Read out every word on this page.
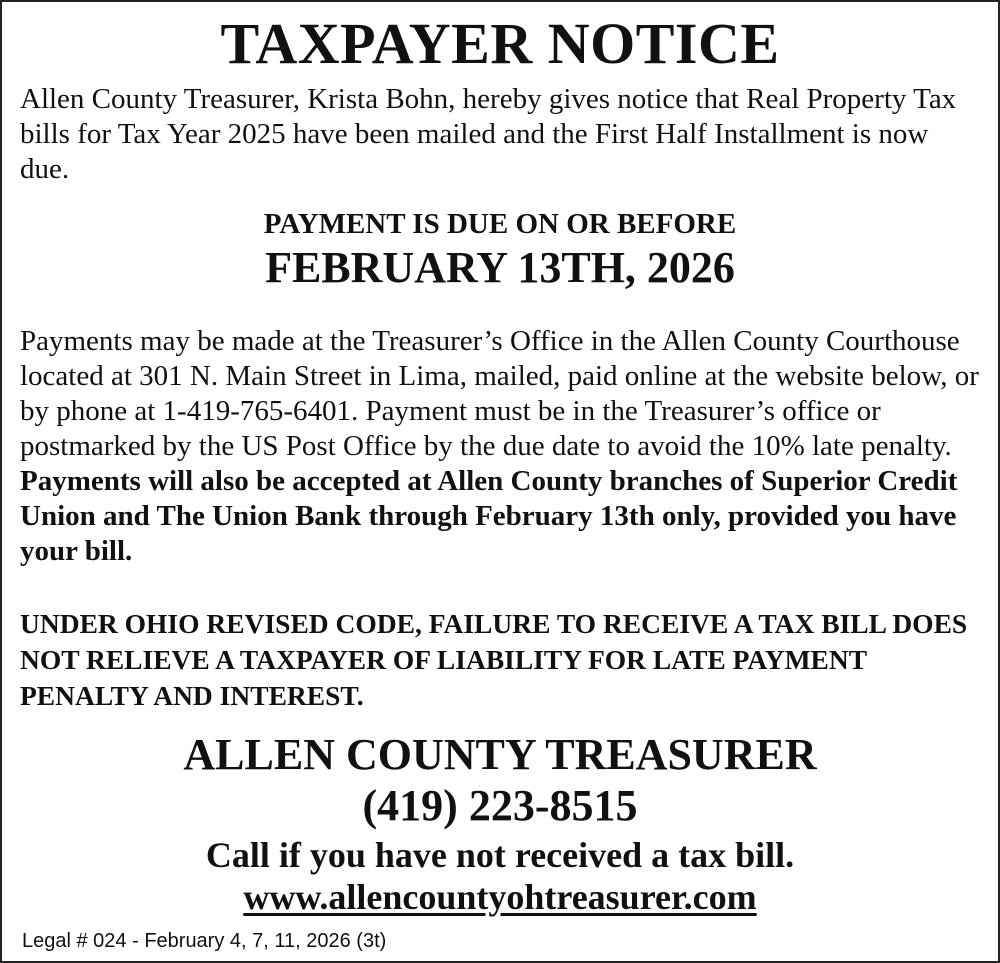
TAXPAYER NOTICE
Allen County Treasurer, Krista Bohn, hereby gives notice that Real Property Tax bills for Tax Year 2025 have been mailed and the First Half Installment is now due.
PAYMENT IS DUE ON OR BEFORE
FEBRUARY 13TH, 2026
Payments may be made at the Treasurer’s Office in the Allen County Courthouse located at 301 N. Main Street in Lima, mailed, paid online at the website below, or by phone at 1-419-765-6401. Payment must be in the Treasurer’s office or postmarked by the US Post Office by the due date to avoid the 10% late penalty. Payments will also be accepted at Allen County branches of Superior Credit Union and The Union Bank through February 13th only, provided you have your bill.
UNDER OHIO REVISED CODE, FAILURE TO RECEIVE A TAX BILL DOES NOT RELIEVE A TAXPAYER OF LIABILITY FOR LATE PAYMENT PENALTY AND INTEREST.
ALLEN COUNTY TREASURER
(419) 223-8515
Call if you have not received a tax bill.
www.allencountyohtreasurer.com
Legal # 024 - February 4, 7, 11, 2026 (3t)
